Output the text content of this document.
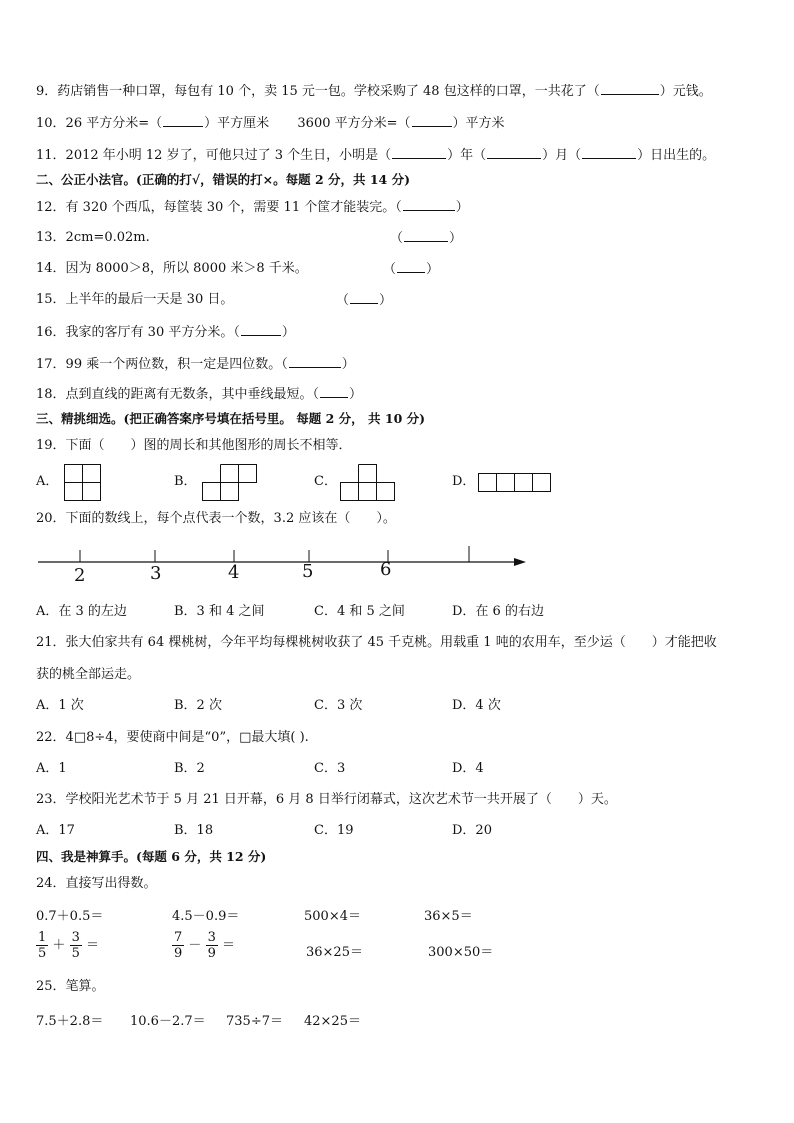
9．药店销售一种口罩，每包有 10 个，卖 15 元一包。学校采购了 48 包这样的口罩，一共花了（	）元钱。
10．26 平方分米=（	）平方厘米 3600 平方分米=（	）平方米
11．2012 年小明 12 岁了，可他只过了 3 个生日，小明是（	）年（	）月（	）日出生的。
二、公正小法官。(正确的打√，错误的打×。每题 2 分，共 14 分)
12．有 320 个西瓜，每筐装 30 个，需要 11 个筐才能装完。（	）
13．2cm=0.02m.	（	）
14．因为 8000＞8，所以 8000 米＞8 千米。	（ ）
15．上半年的最后一天是 30 日。	（ ）
16．我家的客厅有 30 平方分米。（	）
17．99 乘一个两位数，积一定是四位数。（	）
18．点到直线的距离有无数条，其中垂线最短。（ ）
三、精挑细选。(把正确答案序号填在括号里。 每题 2 分， 共 10 分)
19．下面（　　）图的周长和其他图形的周长不相等．
A．	B．	C．	D．
20．下面的数线上，每个点代表一个数，3.2 应该在（　　）。
2	3	4	5	6
A．在 3 的左边	B．3 和 4 之间	C．4 和 5 之间	D．在 6 的右边
21．张大伯家共有 64 棵桃树，今年平均每棵桃树收获了 45 千克桃。用载重 1 吨的农用车，至少运（　　）才能把收
获的桃全部运走。
A．1 次	B．2 次	C．3 次	D．4 次
22．4□8÷4，要使商中间是“0”，□最大填( ).
A．1	B．2	C．3	D．4
23．学校阳光艺术节于 5 月 21 日开幕，6 月 8 日举行闭幕式，这次艺术节一共开展了（　　）天。
A．17	B．18	C．19	D．20
四、我是神算手。(每题 6 分，共 12 分)
24．直接写出得数。
0.7＋0.5＝	4.5－0.9＝	500×4＝	36×5＝
$\frac{1}{5} + \frac{3}{5}$ ＝	$\frac{7}{9} - \frac{3}{9}$ ＝	36×25＝	300×50＝
25．笔算。
7.5＋2.8＝ 10.6－2.7＝ 735÷7＝ 42×25＝
